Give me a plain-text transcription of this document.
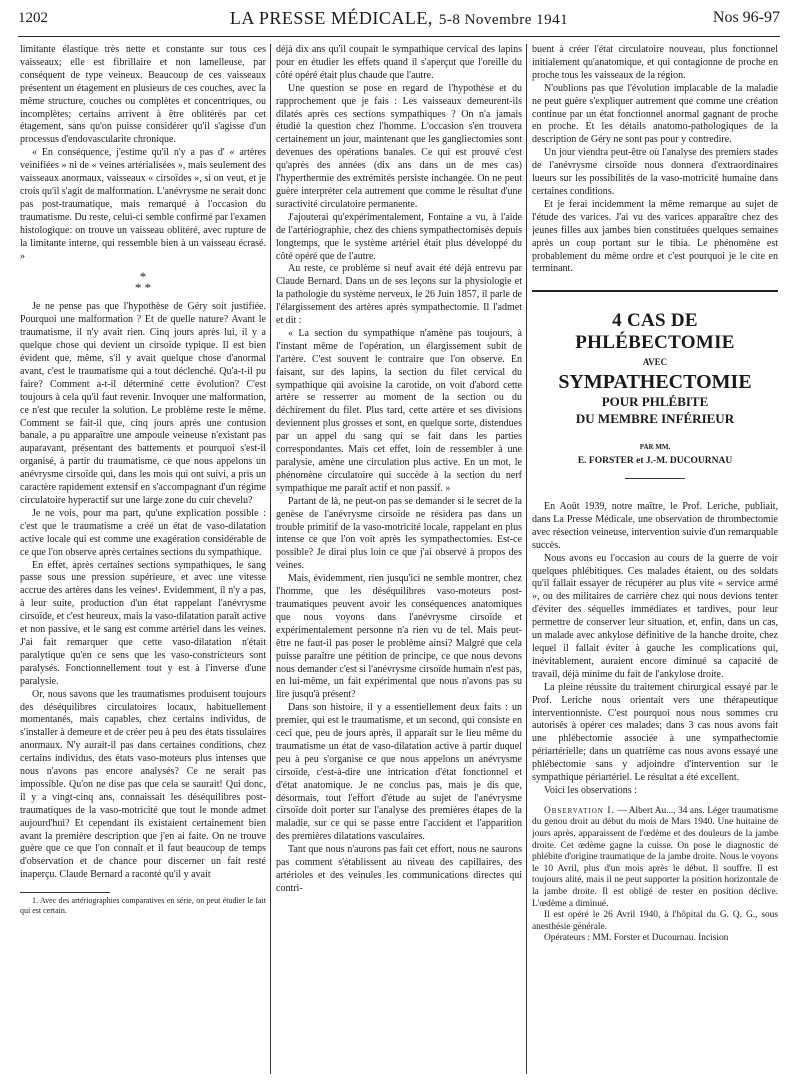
1202	LA PRESSE MÉDICALE, 5-8 Novembre 1941	Nos 96-97

limitante élastique très nette et constante sur tous ces vaisseaux; elle est fibrillaire et non lamelleuse, par conséquent de type veineux. Beaucoup de ces vaisseaux présentent un étagement en plusieurs de ces couches, avec la même structure, couches ou complètes et concentriques, ou incomplètes; certains arrivent à être oblitérés par cet étagement, sans qu'on puisse considérer qu'il s'agisse d'un processus d'endovascularite chronique.

« En conséquence, j'estime qu'il n'y a pas d' « artères veinifiées » ni de « veines artérialisées », mais seulement des vaisseaux anormaux, vaisseaux « cirsoïdes », si on veut, et je crois qu'il s'agit de malformation. L'anévrysme ne serait donc pas post-traumatique, mais remarqué à l'occasion du traumatisme. Du reste, celui-ci semble confirmé par l'examen histologique: on trouve un vaisseau oblitéré, avec rupture de la limitante interne, qui ressemble bien à un vaisseau écrasé. »

*
* *

Je ne pense pas que l'hypothèse de Géry soit justifiée. Pourquoi une malformation ? Et de quelle nature? Avant le traumatisme, il n'y avait rien. Cinq jours après lui, il y a quelque chose qui devient un cirsoïde typique. Il est bien évident que, même, s'il y avait quelque chose d'anormal avant, c'est le traumatisme qui a tout déclenché. Qu'a-t-il pu faire? Comment a-t-il déterminé cette évolution? C'est toujours à cela qu'il faut revenir. Invoquer une malformation, ce n'est que reculer la solution. Le problème reste le même. Comment se fait-il que, cinq jours après une contusion banale, a pu apparaître une ampoule veineuse n'existant pas auparavant, présentant des battements et pourquoi s'est-il organisé, à partir du traumatisme, ce que nous appelons un anévrysme cirsoïde qui, dans les mois qui ont suivi, a pris un caractère rapidement extensif en s'accompagnant d'un régime circulatoire hyperactif sur une large zone du cuir chevelu?

Je ne vois, pour ma part, qu'une explication possible : c'est que le traumatisme a créé un état de vaso-dilatation active locale qui est comme une exagération considérable de ce que l'on observe après certaines sections du sympathique.

En effet, après certaines sections sympathiques, le sang passe sous une pression supérieure, et avec une vitesse accrue des artères dans les veines¹. Evidemment, il n'y a pas, à leur suite, production d'un état rappelant l'anévrysme cirsoïde, et c'est heureux, mais la vaso-dilatation paraît active et non passive, et le sang est comme artériel dans les veines. J'ai fait remarquer que cette vaso-dilatation n'était paralytique qu'en ce sens que les vaso-constricteurs sont paralysés. Fonctionnellement tout y est à l'inverse d'une paralysie.

Or, nous savons que les traumatismes produisent toujours des déséquilibres circulatoires locaux, habituellement momentanés, mais capables, chez certains individus, de s'installer à demeure et de créer peu à peu des états tissulaires anormaux. N'y aurait-il pas dans certaines conditions, chez certains individus, des états vaso-moteurs plus intenses que nous n'avons pas encore analysés? Ce ne serait pas impossible. Qu'on ne dise pas que cela se saurait! Qui donc, il y a vingt-cinq ans, connaissait les déséquilibres post-traumatiques de la vaso-motricité que tout le monde admet aujourd'hui? Et cependant ils existaient certainement bien avant la première description que j'en ai faite. On ne trouve guère que ce que l'on connaît et il faut beaucoup de temps d'observation et de chance pour discerner un fait resté inaperçu. Claude Bernard a raconté qu'il y avait

1. Avec des artériographies comparatives en série, on peut étudier le fait qui est certain.

déjà dix ans qu'il coupait le sympathique cervical des lapins pour en étudier les effets quand il s'aperçut que l'oreille du côté opéré était plus chaude que l'autre.

Une question se pose en regard de l'hypothèse et du rapprochement que je fais : Les vaisseaux demeurent-ils dilatés après ces sections sympathiques ? On n'a jamais étudié la question chez l'homme. L'occasion s'en trouvera certainement un jour, maintenant que les gangliectomies sont devenues des opérations banales. Ce qui est prouvé c'est qu'après des années (dix ans dans un de mes cas) l'hyperthermie des extrémités persiste inchangée. On ne peut guère interpréter cela autrement que comme le résultat d'une suractivité circulatoire permanente.

J'ajouterai qu'expérimentalement, Fontaine a vu, à l'aide de l'artériographie, chez des chiens sympathectomisés depuis longtemps, que le système artériel était plus développé du côté opéré que de l'autre.

Au reste, ce problème si neuf avait été déjà entrevu par Claude Bernard. Dans un de ses leçons sur la physiologie et la pathologie du système nerveux, le 26 Juin 1857, il parle de l'élargissement des artères après sympathectomie. Il l'admet et dit :

« La section du sympathique n'amène pas toujours, à l'instant même de l'opération, un élargissement subit de l'artère. C'est souvent le contraire que l'on observe. En faisant, sur des lapins, la section du filet cervical du sympathique qui avoisine la carotide, on voit d'abord cette artère se resserrer au moment de la section ou du déchirement du filet. Plus tard, cette artère et ses divisions deviennent plus grosses et sont, en quelque sorte, distendues par un appel du sang qui se fait dans les parties correspondantes. Mais cet effet, loin de ressembler à une paralysie, amène une circulation plus active. En un mot, le phénomène circulatoire qui succède à la section du nerf sympathique me paraît actif et non passif. »

Partant de là, ne peut-on pas se demander si le secret de la genèse de l'anévrysme cirsoïde ne résidera pas dans un trouble primitif de la vaso-motricité locale, rappelant en plus intense ce que l'on voit après les sympathectomies. Est-ce possible? Je dirai plus loin ce que j'ai observé à propos des veines.

Mais, évidemment, rien jusqu'ici ne semble montrer, chez l'homme, que les déséquilibres vaso-moteurs post-traumatiques peuvent avoir les conséquences anatomiques que nous voyons dans l'anévrysme cirsoïde et expérimentalement personne n'a rien vu de tel. Mais peut-être ne faut-il pas poser le problème ainsi? Malgré que cela puisse paraître une pétition de principe, ce que nous devons nous demander c'est si l'anévrysme cirsoïde humain n'est pas, en lui-même, un fait expérimental que nous n'avons pas su lire jusqu'à présent?

Dans son histoire, il y a essentiellement deux faits : un premier, qui est le traumatisme, et un second, qui consiste en ceci que, peu de jours après, il apparaît sur le lieu même du traumatisme un état de vaso-dilatation active à partir duquel peu à peu s'organise ce que nous appelons un anévrysme cirsoïde, c'est-à-dire une intrication d'état fonctionnel et d'état anatomique. Je ne conclus pas, mais je dis que, désormais, tout l'effort d'étude au sujet de l'anévrysme cirsoïde doit porter sur l'analyse des premières étapes de la maladie, sur ce qui se passe entre l'accident et l'apparition des premières dilatations vasculaires.

Tant que nous n'aurons pas fait cet effort, nous ne saurons pas comment s'établissent au niveau des capillaires, des artérioles et des veinules les communications directes qui contri-

buent à créer l'état circulatoire nouveau, plus fonctionnel initialement qu'anatomique, et qui contagionne de proche en proche tous les vaisseaux de la région.

N'oublions pas que l'évolution implacable de la maladie ne peut guère s'expliquer autrement que comme une création continue par un état fonctionnel anormal gagnant de proche en proche. Et les détails anatomo-pathologiques de la description de Géry ne sont pas pour y contredire.

Un jour viendra peut-être où l'analyse des premiers stades de l'anévrysme cirsoïde nous donnera d'extraordinaires lueurs sur les possibilités de la vaso-motricité humaine dans certaines conditions.

Et je ferai incidemment la même remarque au sujet de l'étude des varices. J'ai vu des varices apparaître chez des jeunes filles aux jambes bien constituées quelques semaines après un coup portant sur le tibia. Le phénomène est probablement du même ordre et c'est pourquoi je le cite en terminant.

4 CAS DE PHLÉBECTOMIE
AVEC
SYMPATHECTOMIE
POUR PHLÉBITE
DU MEMBRE INFÉRIEUR
PAR MM.
E. FORSTER et J.-M. DUCOURNAU

En Août 1939, notre maître, le Prof. Leriche, publiait, dans La Presse Médicale, une observation de thrombectomie avec résection veineuse, intervention suivie d'un remarquable succès.

Nous avons eu l'occasion au cours de la guerre de voir quelques phlébitiques. Ces malades étaient, ou des soldats qu'il fallait essayer de récupérer au plus vite « service armé », ou des militaires de carrière chez qui nous devions tenter d'éviter des séquelles immédiates et tardives, pour leur permettre de conserver leur situation, et, enfin, dans un cas, un malade avec ankylose définitive de la hanche droite, chez lequel il fallait éviter à gauche les complications qui, inévitablement, auraient encore diminué sa capacité de travail, déjà minime du fait de l'ankylose droite.

La pleine réussite du traitement chirurgical essayé par le Prof. Leriche nous orientait vers une thérapeutique interventionniste. C'est pourquoi nous nous sommes cru autorisés à opérer ces malades; dans 3 cas nous avons fait une phlébectomie associée à une sympathectomie périartérielle; dans un quatrième cas nous avons essayé une phlébectomie sans y adjoindre d'intervention sur le sympathique périartériel. Le résultat a été excellent.

Voici les observations :

Observation I. — Albert Au..., 34 ans. Léger traumatisme du genou droit au début du mois de Mars 1940. Une huitaine de jours après, apparaissent de l'œdème et des douleurs de la jambe droite. Cet œdème gagne la cuisse. On pose le diagnostic de phlébite d'origine traumatique de la jambe droite. Nous le voyons le 10 Avril, plus d'un mois après le début. Il souffre. Il est toujours alité, mais il ne peut supporter la position horizontale de la jambe droite. Il est obligé de rester en position déclive. L'œdème a diminué.

Il est opéré le 26 Avril 1940, à l'hôpital du G. Q. G., sous anesthésie générale.

Opérateurs : MM. Forster et Ducournau. Incision
